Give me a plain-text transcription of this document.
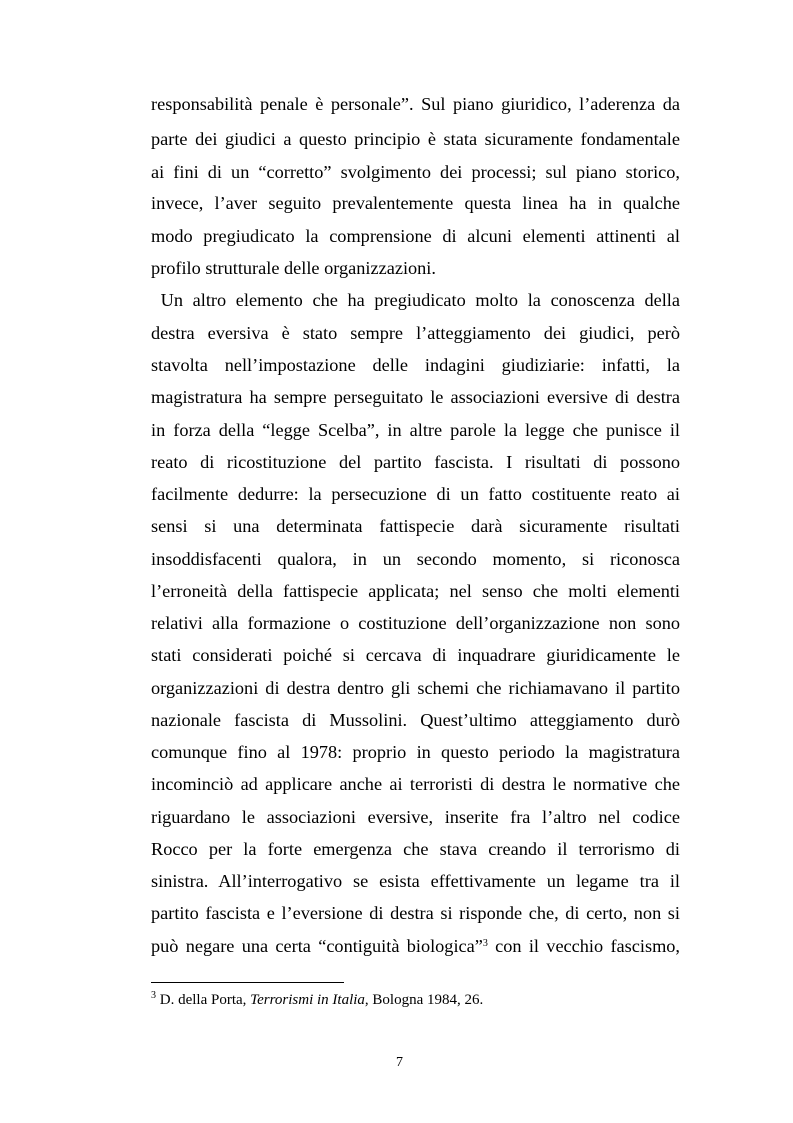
responsabilità penale è personale”. Sul piano giuridico, l’aderenza da
parte dei giudici a questo principio è stata sicuramente fondamentale
ai fini di un “corretto” svolgimento dei processi; sul piano storico,
invece, l’aver seguito prevalentemente questa linea ha in qualche
modo pregiudicato la comprensione di alcuni elementi attinenti al
profilo strutturale delle organizzazioni.
Un altro elemento che ha pregiudicato molto la conoscenza della
destra eversiva è stato sempre l’atteggiamento dei giudici, però
stavolta nell’impostazione delle indagini giudiziarie: infatti, la
magistratura ha sempre perseguitato le associazioni eversive di destra
in forza della “legge Scelba”, in altre parole la legge che punisce il
reato di ricostituzione del partito fascista. I risultati di possono
facilmente dedurre: la persecuzione di un fatto costituente reato ai
sensi si una determinata fattispecie darà sicuramente risultati
insoddisfacenti qualora, in un secondo momento, si riconosca
l’erroneità della fattispecie applicata; nel senso che molti elementi
relativi alla formazione o costituzione dell’organizzazione non sono
stati considerati poiché si cercava di inquadrare giuridicamente le
organizzazioni di destra dentro gli schemi che richiamavano il partito
nazionale fascista di Mussolini. Quest’ultimo atteggiamento durò
comunque fino al 1978: proprio in questo periodo la magistratura
incominciò ad applicare anche ai terroristi di destra le normative che
riguardano le associazioni eversive, inserite fra l’altro nel codice
Rocco per la forte emergenza che stava creando il terrorismo di
sinistra. All’interrogativo se esista effettivamente un legame tra il
partito fascista e l’eversione di destra si risponde che, di certo, non si
può negare una certa “contiguità biologica”$^3$ con il vecchio fascismo,
$^3$ D. della Porta, Terrorismi in Italia, Bologna 1984, 26.
7
